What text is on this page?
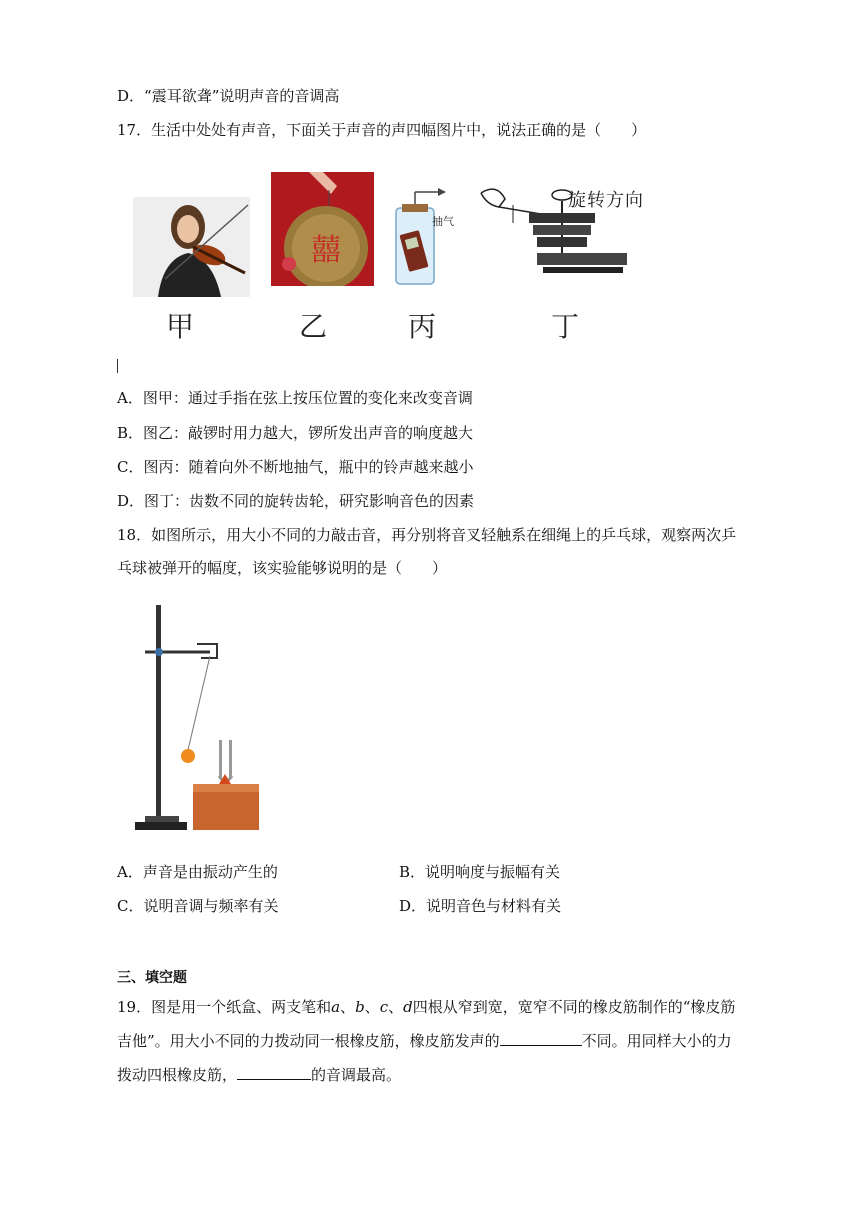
D．“震耳欲聋”说明声音的音调高
17．生活中处处有声音，下面关于声音的声四幅图片中，说法正确的是（　　）
囍
抽气
旋转方向
甲	乙	丙	丁
A．图甲：通过手指在弦上按压位置的变化来改变音调
B．图乙：敲锣时用力越大，锣所发出声音的响度越大
C．图丙：随着向外不断地抽气，瓶中的铃声越来越小
D．图丁：齿数不同的旋转齿轮，研究影响音色的因素
18．如图所示，用大小不同的力敲击音，再分别将音叉轻触系在细绳上的乒乓球，观察两次乒
乓球被弹开的幅度，该实验能够说明的是（　　）
A．声音是由振动产生的	B．说明响度与振幅有关
C．说明音调与频率有关	D．说明音色与材料有关
三、填空题
19．图是用一个纸盒、两支笔和a、b、c、d四根从窄到宽，宽窄不同的橡皮筋制作的“橡皮筋
吉他”。用大小不同的力拨动同一根橡皮筋，橡皮筋发声的	不同。用同样大小的力
拨动四根橡皮筋，	的音调最高。
